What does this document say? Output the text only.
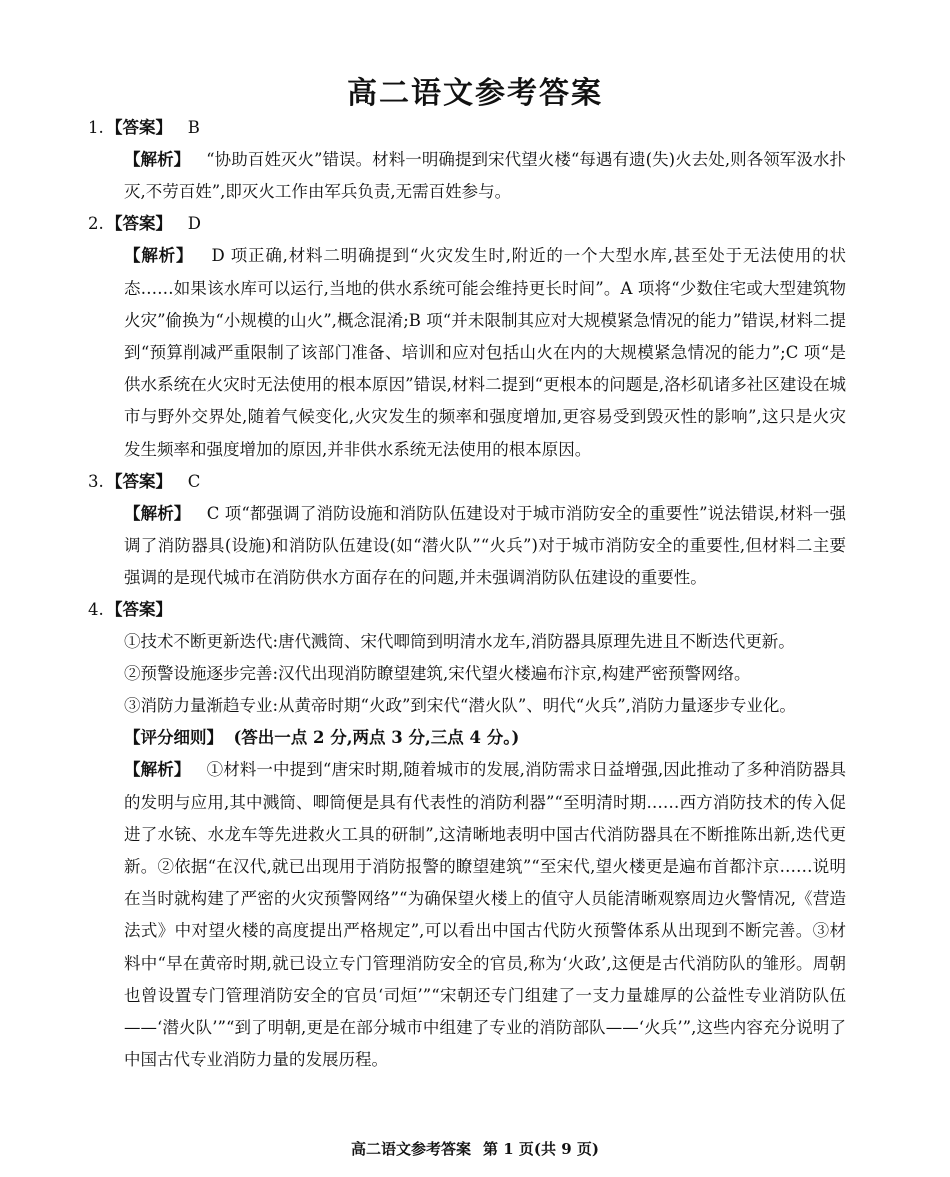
高二语文参考答案
1. 【答案】 B
【解析】 “协助百姓灭火”错误。材料一明确提到宋代望火楼“每遇有遗(失)火去处,则各领军汲水扑灭,不劳百姓”,即灭火工作由军兵负责,无需百姓参与。
2. 【答案】 D
【解析】 D 项正确,材料二明确提到“火灾发生时,附近的一个大型水库,甚至处于无法使用的状态……如果该水库可以运行,当地的供水系统可能会维持更长时间”。A 项将“少数住宅或大型建筑物火灾”偷换为“小规模的山火”,概念混淆;B 项“并未限制其应对大规模紧急情况的能力”错误,材料二提到“预算削减严重限制了该部门准备、培训和应对包括山火在内的大规模紧急情况的能力”;C 项“是供水系统在火灾时无法使用的根本原因”错误,材料二提到“更根本的问题是,洛杉矶诸多社区建设在城市与野外交界处,随着气候变化,火灾发生的频率和强度增加,更容易受到毁灭性的影响”,这只是火灾发生频率和强度增加的原因,并非供水系统无法使用的根本原因。
3. 【答案】 C
【解析】 C 项“都强调了消防设施和消防队伍建设对于城市消防安全的重要性”说法错误,材料一强调了消防器具(设施)和消防队伍建设(如“潜火队”“火兵”)对于城市消防安全的重要性,但材料二主要强调的是现代城市在消防供水方面存在的问题,并未强调消防队伍建设的重要性。
4. 【答案】
①技术不断更新迭代:唐代溅筒、宋代唧筒到明清水龙车,消防器具原理先进且不断迭代更新。
②预警设施逐步完善:汉代出现消防瞭望建筑,宋代望火楼遍布汴京,构建严密预警网络。
③消防力量渐趋专业:从黄帝时期“火政”到宋代“潜火队”、明代“火兵”,消防力量逐步专业化。
【评分细则】 (答出一点 2 分,两点 3 分,三点 4 分。)
【解析】 ①材料一中提到“唐宋时期,随着城市的发展,消防需求日益增强,因此推动了多种消防器具的发明与应用,其中溅筒、唧筒便是具有代表性的消防利器”“至明清时期……西方消防技术的传入促进了水铳、水龙车等先进救火工具的研制”,这清晰地表明中国古代消防器具在不断推陈出新,迭代更新。②依据“在汉代,就已出现用于消防报警的瞭望建筑”“至宋代,望火楼更是遍布首都汴京……说明在当时就构建了严密的火灾预警网络”“为确保望火楼上的值守人员能清晰观察周边火警情况,《营造法式》中对望火楼的高度提出严格规定”,可以看出中国古代防火预警体系从出现到不断完善。③材料中“早在黄帝时期,就已设立专门管理消防安全的官员,称为‘火政’,这便是古代消防队的雏形。周朝也曾设置专门管理消防安全的官员‘司烜’”“宋朝还专门组建了一支力量雄厚的公益性专业消防队伍——‘潜火队’”“到了明朝,更是在部分城市中组建了专业的消防部队——‘火兵’”,这些内容充分说明了中国古代专业消防力量的发展历程。
高二语文参考答案 第 1 页(共 9 页)
